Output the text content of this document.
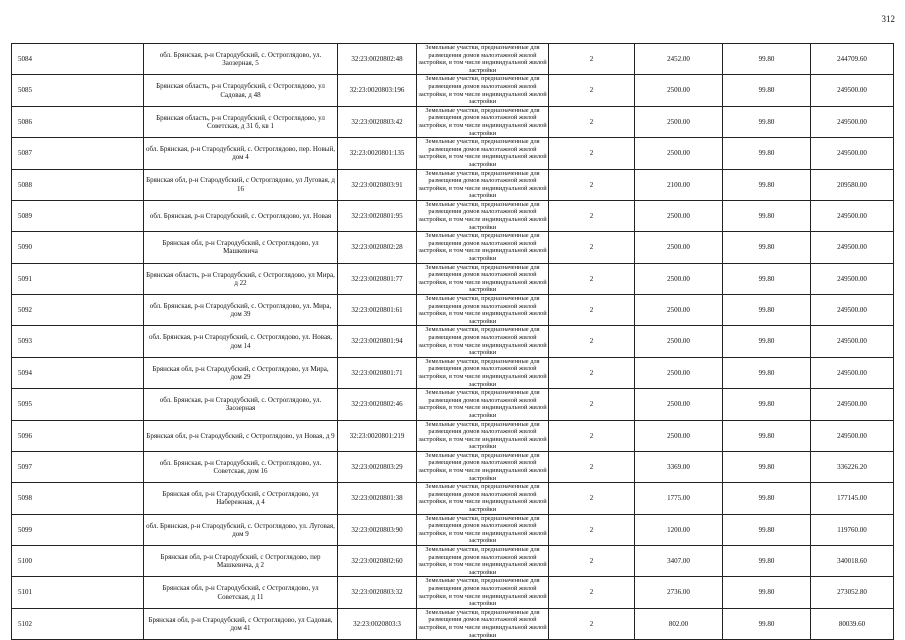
312
5084	обл. Брянская, р-н Стародубский, с. Остроглядово, ул. Заозерная, 5	32:23:0020802:48	Земельные участки, предназначенные для размещения домов малоэтажной жилой застройки, в том числе индивидуальной жилой застройки	2	2452.00	99.80	244709.60
5085	Брянская область, р-н Стародубский, с Остроглядово, ул Садовая, д 48	32:23:0020803:196	Земельные участки, предназначенные для размещения домов малоэтажной жилой застройки, в том числе индивидуальной жилой застройки	2	2500.00	99.80	249500.00
5086	Брянская область, р-н Стародубский, с Остроглядово, ул Советская, д 31 б, кв 1	32:23:0020803:42	Земельные участки, предназначенные для размещения домов малоэтажной жилой застройки, в том числе индивидуальной жилой застройки	2	2500.00	99.80	249500.00
5087	обл. Брянская, р-н Стародубский, с. Остроглядово, пер. Новый, дом 4	32:23:0020801:135	Земельные участки, предназначенные для размещения домов малоэтажной жилой застройки, в том числе индивидуальной жилой застройки	2	2500.00	99.80	249500.00
5088	Брянская обл, р-н Стародубский, с Остроглядово, ул Луговая, д 16	32:23:0020803:91	Земельные участки, предназначенные для размещения домов малоэтажной жилой застройки, в том числе индивидуальной жилой застройки	2	2100.00	99.80	209580.00
5089	обл. Брянская, р-н Стародубский, с. Остроглядово, ул. Новая	32:23:0020801:95	Земельные участки, предназначенные для размещения домов малоэтажной жилой застройки, в том числе индивидуальной жилой застройки	2	2500.00	99.80	249500.00
5090	Брянская обл, р-н Стародубский, с Остроглядово, ул Машкевича	32:23:0020802:28	Земельные участки, предназначенные для размещения домов малоэтажной жилой застройки, в том числе индивидуальной жилой застройки	2	2500.00	99.80	249500.00
5091	Брянская область, р-н Стародубский, с Остроглядово, ул Мира, д 22	32:23:0020801:77	Земельные участки, предназначенные для размещения домов малоэтажной жилой застройки, в том числе индивидуальной жилой застройки	2	2500.00	99.80	249500.00
5092	обл. Брянская, р-н Стародубский, с. Остроглядово, ул. Мира, дом 39	32:23:0020801:61	Земельные участки, предназначенные для размещения домов малоэтажной жилой застройки, в том числе индивидуальной жилой застройки	2	2500.00	99.80	249500.00
5093	обл. Брянская, р-н Стародубский, с. Остроглядово, ул. Новая, дом 14	32:23:0020801:94	Земельные участки, предназначенные для размещения домов малоэтажной жилой застройки, в том числе индивидуальной жилой застройки	2	2500.00	99.80	249500.00
5094	Брянская обл, р-н Стародубский, с Остроглядово, ул Мира, дом 29	32:23:0020801:71	Земельные участки, предназначенные для размещения домов малоэтажной жилой застройки, в том числе индивидуальной жилой застройки	2	2500.00	99.80	249500.00
5095	обл. Брянская, р-н Стародубский, с. Остроглядово, ул. Заозерная	32:23:0020802:46	Земельные участки, предназначенные для размещения домов малоэтажной жилой застройки, в том числе индивидуальной жилой застройки	2	2500.00	99.80	249500.00
5096	Брянская обл, р-н Стародубский, с Остроглядово, ул Новая, д 9	32:23:0020801:219	Земельные участки, предназначенные для размещения домов малоэтажной жилой застройки, в том числе индивидуальной жилой застройки	2	2500.00	99.80	249500.00
5097	обл. Брянская, р-н Стародубский, с. Остроглядово, ул. Советская, дом 16	32:23:0020803:29	Земельные участки, предназначенные для размещения домов малоэтажной жилой застройки, в том числе индивидуальной жилой застройки	2	3369.00	99.80	336226.20
5098	Брянская обл, р-н Стародубский, с Остроглядово, ул Набережная, д 4	32:23:0020801:38	Земельные участки, предназначенные для размещения домов малоэтажной жилой застройки, в том числе индивидуальной жилой застройки	2	1775.00	99.80	177145.00
5099	обл. Брянская, р-н Стародубский, с. Остроглядово, ул. Луговая, дом 9	32:23:0020803:90	Земельные участки, предназначенные для размещения домов малоэтажной жилой застройки, в том числе индивидуальной жилой застройки	2	1200.00	99.80	119760.00
5100	Брянская обл, р-н Стародубский, с Остроглядово, пер Машкевича, д 2	32:23:0020802:60	Земельные участки, предназначенные для размещения домов малоэтажной жилой застройки, в том числе индивидуальной жилой застройки	2	3407.00	99.80	340018.60
5101	Брянская обл, р-н Стародубский, с Остроглядово, ул Советская, д 11	32:23:0020803:32	Земельные участки, предназначенные для размещения домов малоэтажной жилой застройки, в том числе индивидуальной жилой застройки	2	2736.00	99.80	273052.80
5102	Брянская обл, р-н Стародубский, с Остроглядово, ул Садовая, дом 41	32:23:0020803:3	Земельные участки, предназначенные для размещения домов малоэтажной жилой застройки, в том числе индивидуальной жилой застройки	2	802.00	99.80	80039.60
